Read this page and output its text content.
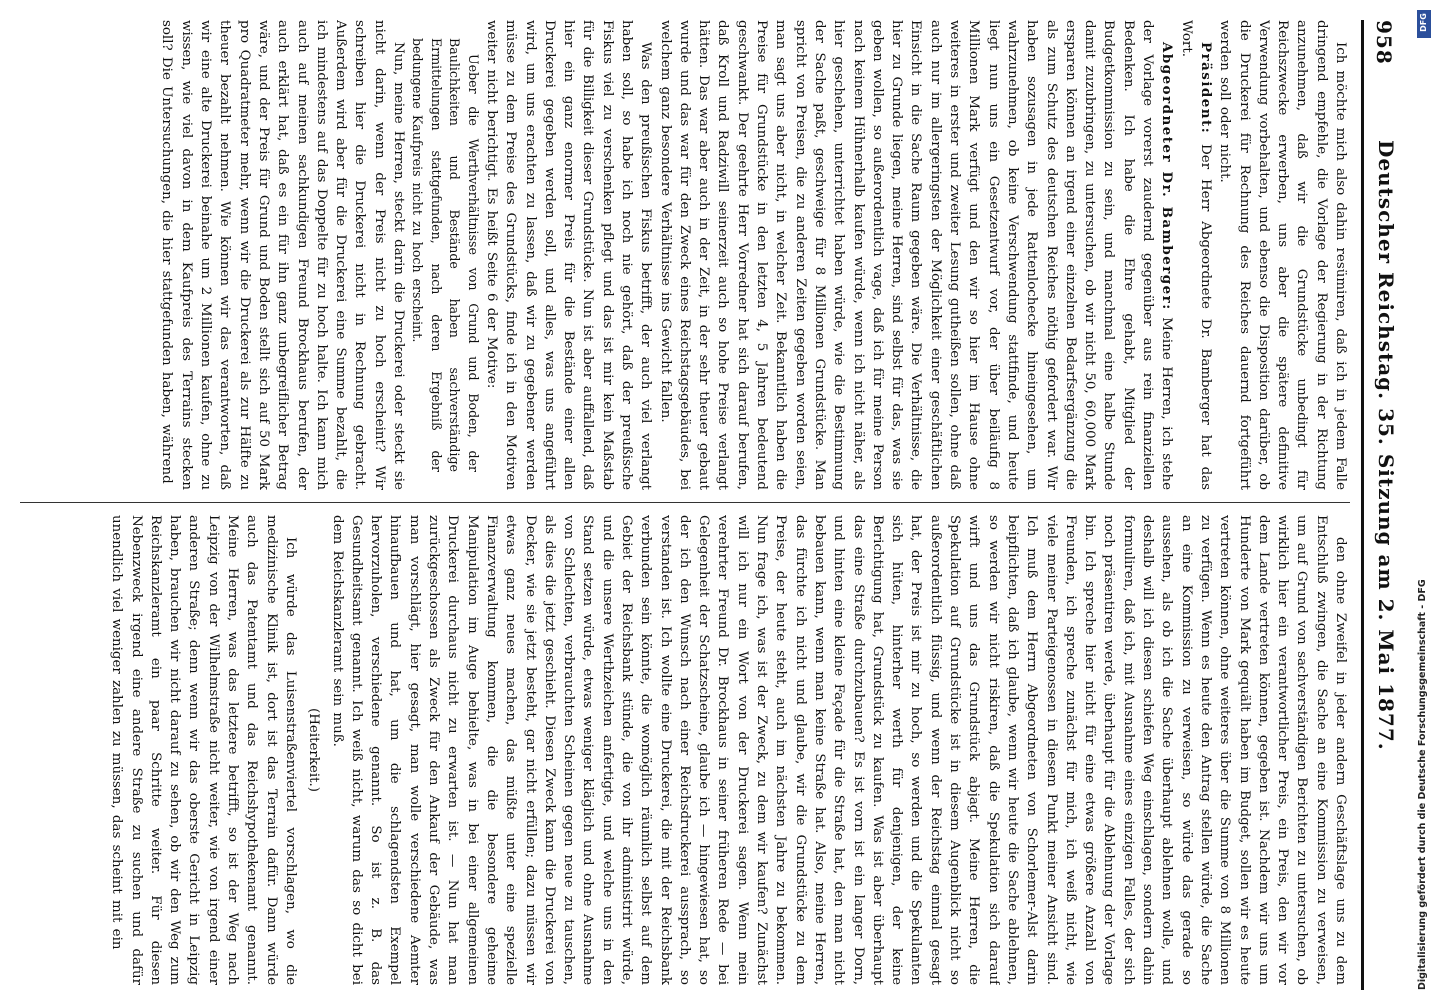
958
Deutscher Reichstag. 35. Sitzung am 2. Mai 1877.

Ich möchte mich also dahin resümiren, daß ich in jedem Falle dringend empfehle, die Vorlage der Regierung in der Richtung anzunehmen, daß wir die Grundstücke unbedingt für Reichszwecke erwerben, uns aber die spätere definitive Verwendung vorbehalten, und ebenso die Disposition darüber, ob die Druckerei für Rechnung des Reiches dauernd fortgeführt werden soll oder nicht.

Präsident: Der Herr Abgeordnete Dr. Bamberger hat das Wort.

Abgeordneter Dr. Bamberger: Meine Herren, ich stehe der Vorlage vorerst zaudernd gegenüber aus rein finanziellen Bedenken. Ich habe die Ehre gehabt, Mitglied der Budgetkommission zu sein, und manchmal eine halbe Stunde damit zuzubringen, zu untersuchen, ob wir nicht 50, 60,000 Mark ersparen können an irgend einer einzelnen Bedarfsergänzung die als zum Schutz des deutschen Reiches nöthig gefordert war. Wir haben sozusagen in jede Rattenlochecke hineingesehen, um wahrzunehmen, ob keine Verschwendung stattfinde, und heute liegt nun uns ein Gesetzentwurf vor, der über beiläufig 8 Millionen Mark verfügt und den wir so hier im Hause ohne weiteres in erster und zweiter Lesung gutheißen sollen, ohne daß auch nur im allergeringsten der Möglichkeit einer geschäftlichen Einsicht in die Sache Raum gegeben wäre. Die Verhältnisse, die hier zu Grunde liegen, meine Herren, sind selbst für das, was sie geben wollen, so außerordentlich vage, daß ich für meine Person nach keinem Hühnerhalb kaufen würde, wenn ich nicht näher, als hier geschehen, unterrichtet haben würde, wie die Bestimmung der Sache paßt, geschweige für 8 Millionen Grundstücke. Man spricht von Preisen, die zu anderen Zeiten gegeben worden seien, man sagt uns aber nicht, in welcher Zeit. Bekanntlich haben die Preise für Grundstücke in den letzten 4, 5 Jahren bedeutend geschwankt. Der geehrte Herr Vorredner hat sich darauf berufen, daß Kroll und Radziwill seinerzeit auch so hohe Preise verlangt hätten. Das war aber auch in der Zeit, in der sehr theuer gebaut wurde und das war für den Zweck eines Reichstagsgebäudes, bei welchem ganz besondere Verhältnisse ins Gewicht fallen.

Was den preußischen Fiskus betrifft, der auch viel verlangt haben soll, so habe ich noch nie gehört, daß der preußische Fiskus viel zu verschenken pflegt und das ist mir kein Maßstab für die Billigkeit dieser Grundstücke. Nun ist aber auffallend, daß hier ein ganz enormer Preis für die Bestände einer allen Druckerei gegeben werden soll, und alles, was uns angeführt wird, um uns erachten zu lassen, daß wir zu gegebener werden müsse zu dem Preise des Grundstücks, finde ich in den Motiven weiter nicht berichtigt. Es heißt Seite 6 der Motive:

Ueber die Werthverhältnisse von Grund und Boden, der Baulichkeiten und Bestände haben sachverständige Ermittelungen stattgefunden, nach deren Ergebniß der bedungene Kaufpreis nicht zu hoch erscheint.

Nun, meine Herren, steckt darin die Druckerei oder steckt sie nicht darin, wenn der Preis nicht zu hoch erscheint? Wir schreiben hier die Druckerei nicht in Rechnung gebracht. Außerdem wird aber für die Druckerei eine Summe bezahlt, die ich mindestens auf das Doppelte für zu hoch halte. Ich kann mich auch auf meinen sachkundigen Freund Brockhaus berufen, der auch erklärt hat, daß es ein für ihn ganz unbegreiflicher Betrag wäre, und der Preis für Grund und Boden stellt sich auf 50 Mark pro Quadratmeter mehr, wenn wir die Druckerei als zur Hälfte zu theuer bezahlt nehmen. Wie können wir das verantworten, daß wir eine alte Druckerei beinahe um 2 Millionen kaufen, ohne zu wissen, wie viel davon in dem Kaufpreis des Terrains stecken soll? Die Untersuchungen, die hier stattgefunden haben, während

den ohne Zweifel in jeder andern Geschäftslage uns zu dem Entschluß zwingen, die Sache an eine Kommission zu verweisen, um auf Grund von sachverständigen Berichten zu untersuchen, ob wirklich hier ein verantwortlicher Preis, ein Preis, den wir vor dem Lande vertreten können, gegeben ist. Nachdem wir uns um Hunderte von Mark gequält haben im Budget, sollen wir es heute vertreten können, ohne weiteres über die Summe von 8 Millionen zu verfügen. Wenn es heute den Antrag stellen würde, die Sache an eine Kommission zu verweisen, so würde das gerade so aussehen, als ob ich die Sache überhaupt ablehnen wolle, und deshalb will ich diesen schiefen Weg einschlagen, sondern dahin formuliren, daß ich, mit Ausnahme eines einzigen Falles, der sich noch präsentiren werde, überhaupt für die Ablehnung der Vorlage bin. Ich spreche hier nicht für eine etwas größere Anzahl von Freunden, ich spreche zunächst für mich, ich weiß nicht, wie viele meiner Parteigenossen in diesem Punkt meiner Ansicht sind. Ich muß dem Herrn Abgeordneten von Schorlemer-Alst darin beipflichten, daß ich glaube, wenn wir heute die Sache ablehnen, so werden wir nicht riskiren, daß die Spekulation sich darauf wirft und uns das Grundstück abjagt. Meine Herren, die Spekulation auf Grundstücke ist in diesem Augenblick nicht so außerordentlich flüssig, und wenn der Reichstag einmal gesagt hat, der Preis ist mir zu hoch, so werden und die Spekulanten sich hüten, hinterher werth für denjenigen, der keine Berichtigung hat, Grundstück zu kaufen. Was ist aber überhaupt das eine Straße durchzubauen? Es ist vorn ist ein langer Dorn, und hinten eine kleine Façade für die Straße hat, den man nicht bebauen kann, wenn man keine Straße hat. Also, meine Herren, das fürchte ich nicht und glaube, wir die Grundstücke zu dem Preise, der heute steht, auch im nächsten Jahre zu bekommen. Nun frage ich, was ist der Zweck, zu dem wir kaufen? Zunächst will ich nur ein Wort von der Druckerei sagen. Wenn mein verehrter Freund Dr. Brockhaus in seiner früheren Rede — bei Gelegenheit der Schatzscheine, glaube ich — hingewiesen hat, so der ich den Wunsch nach einer Reichsdruckerei aussprach, so verstanden ist. Ich wollte eine Druckerei, die mit der Reichsbank verbunden sein könnte, die womöglich räumlich selbst auf dem Gebiet der Reichsbank stünde, die von ihr administrirt würde, und die unsere Werthzeichen anfertigte, und welche uns in den Stand setzen würde, etwas weniger kläglich und ohne Ausnahme von Schlechten, verbrauchten Scheinen gegen neue zu tauschen, als dies die jetzt geschieht. Diesen Zweck kann die Druckerei von Decker, wie sie jetzt besteht, gar nicht erfüllen; dazu müssen wir etwas ganz neues machen, das müßte unter eine spezielle Finanzverwaltung kommen, die die besondere geheime Manipulation im Auge behielte, was in bei einer allgemeinen Druckerei durchaus nicht zu erwarten ist. — Nun hat man zurückgeschossen als Zweck für den Ankauf der Gebäude, was man vorschlägt, hier gesagt, man wolle verschiedene Aemter hinaufbauen und hat, um die schlagendsten Exempel hervorzuholen, verschiedene genannt. So ist z. B. das Gesundheitsamt genannt. Ich weiß nicht, warum das so dicht bei dem Reichskanzleramt sein muß.

(Heiterkeit.)

Ich würde das Luisenstraßenviertel vorschlagen, wo die medizinische Klinik ist, dort ist das Terrain dafür. Dann würde auch das Patentamt und das Reichshypothekenamt genannt. Meine Herren, was das letztere betrifft, so ist der Weg nach Leipzig von der Wilhelmstraße nicht weiter, wie von irgend einer anderen Straße; denn wenn wir das oberste Gericht in Leipzig haben, brauchen wir nicht darauf zu sehen, ob wir den Weg zum Reichskanzleramt ein paar Schritte weiter. Für diesen Nebenzweck irgend eine andere Straße zu suchen und dafür unendlich viel weniger zahlen zu müssen, das scheint mit ein	Digitalisierung gefördert durch die Deutsche Forschungsgemeinschaft - DFG
DFG
